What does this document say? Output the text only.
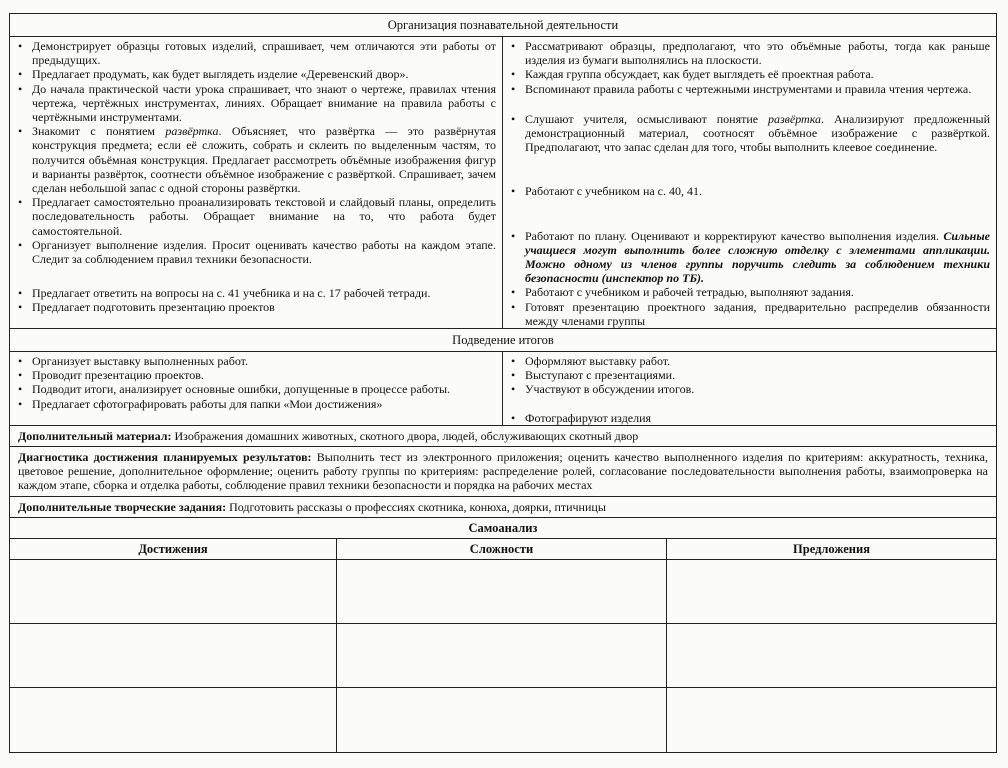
Организация познавательной деятельности
• Демонстрирует образцы готовых изделий, спрашивает, чем отличаются эти работы от предыдущих.
• Предлагает продумать, как будет выглядеть изделие «Деревенский двор».
• До начала практической части урока спрашивает, что знают о чертеже, правилах чтения чертежа, чертёжных инструментах, линиях. Обращает внимание на правила работы с чертёжными инструментами.
• Знакомит с понятием развёртка. Объясняет, что развёртка — это развёрнутая конструкция предмета; если её сложить, собрать и склеить по выделенным частям, то получится объёмная конструкция. Предлагает рассмотреть объёмные изображения фигур и варианты развёрток, соотнести объёмное изображение с развёрткой. Спрашивает, зачем сделан небольшой запас с одной стороны развёртки.
• Предлагает самостоятельно проанализировать текстовой и слайдовый планы, определить последовательность работы. Обращает внимание на то, что работа будет самостоятельной.
• Организует выполнение изделия. Просит оценивать качество работы на каждом этапе. Следит за соблюдением правил техники безопасности.
• Предлагает ответить на вопросы на с. 41 учебника и на с. 17 рабочей тетради.
• Предлагает подготовить презентацию проектов
• Рассматривают образцы, предполагают, что это объёмные работы, тогда как раньше изделия из бумаги выполнялись на плоскости.
• Каждая группа обсуждает, как будет выглядеть её проектная работа.
• Вспоминают правила работы с чертежными инструментами и правила чтения чертежа.
• Слушают учителя, осмысливают понятие развёртка. Анализируют предложенный демонстрационный материал, соотносят объёмное изображение с развёрткой. Предполагают, что запас сделан для того, чтобы выполнить клеевое соединение.
• Работают с учебником на с. 40, 41.
• Работают по плану. Оценивают и корректируют качество выполнения изделия. Сильные учащиеся могут выполнить более сложную отделку с элементами аппликации. Можно одному из членов группы поручить следить за соблюдением техники безопасности (инспектор по ТБ).
• Работают с учебником и рабочей тетрадью, выполняют задания.
• Готовят презентацию проектного задания, предварительно распределив обязанности между членами группы
Подведение итогов
• Организует выставку выполненных работ.
• Проводит презентацию проектов.
• Подводит итоги, анализирует основные ошибки, допущенные в процессе работы.
• Предлагает сфотографировать работы для папки «Мои достижения»
• Оформляют выставку работ.
• Выступают с презентациями.
• Участвуют в обсуждении итогов.
• Фотографируют изделия
Дополнительный материал: Изображения домашних животных, скотного двора, людей, обслуживающих скотный двор
Диагностика достижения планируемых результатов: Выполнить тест из электронного приложения; оценить качество выполненного изделия по критериям: аккуратность, техника, цветовое решение, дополнительное оформление; оценить работу группы по критериям: распределение ролей, согласование последовательности выполнения работы, взаимопроверка на каждом этапе, сборка и отделка работы, соблюдение правил техники безопасности и порядка на рабочих местах
Дополнительные творческие задания: Подготовить рассказы о профессиях скотника, конюха, доярки, птичницы
Самоанализ
Достижения	Сложности	Предложения
